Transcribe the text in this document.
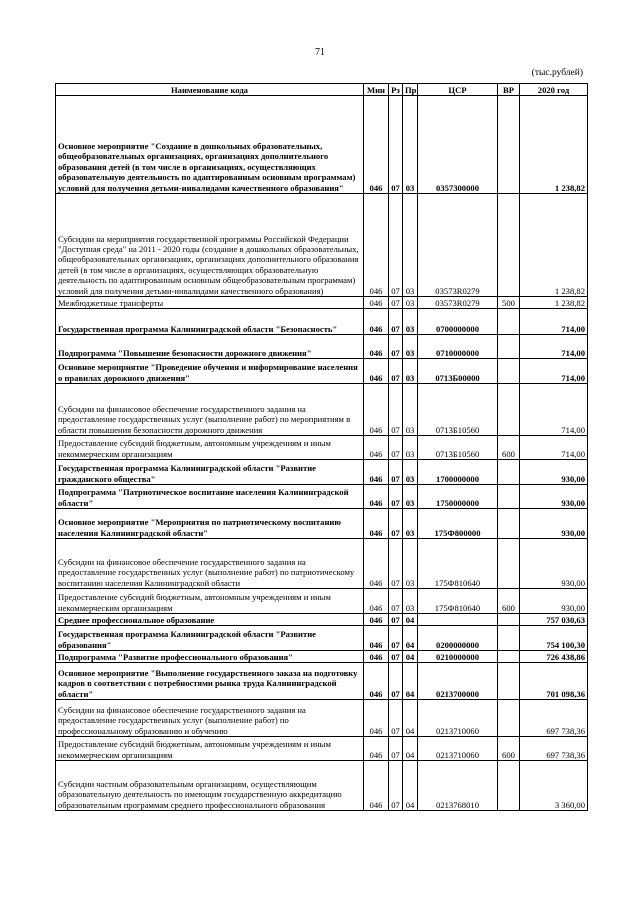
71
(тыс.рублей)
Наименование кода	Мин	Рз	Пр	ЦСР	ВР	2020 год
Основное мероприятие "Создание в дошкольных образовательных, общеобразовательных организациях, организациях дополнительного образования детей (в том числе в организациях, осуществляющих образовательную деятельность по адаптированным основным программам) условий для получения детьми-инвалидами качественного образования"	046	07	03	0357300000		1 238,82
Субсидии на мероприятия государственной программы Российской Федерации "Доступная среда" на 2011 - 2020 годы (создание в дошкольных образовательных, общеобразовательных организациях, организациях дополнительного образования детей (в том числе в организациях, осуществляющих образовательную деятельность по адаптированным основным общеобразовательным программам) условий для получения детьми-инвалидами качественного образования)	046	07	03	03573R0279		1 238,82
Межбюджетные трансферты	046	07	03	03573R0279	500	1 238,82
Государственная программа Калининградской области "Безопасность"	046	07	03	0700000000		714,00
Подпрограмма "Повышение безопасности дорожного движения"	046	07	03	0710000000		714,00
Основное мероприятие "Проведение обучения и информирование населения о правилах дорожного движения"	046	07	03	0713Б00000		714,00
Субсидии на финансовое обеспечение государственного задания на предоставление государственных услуг (выполнение работ) по мероприятиям в области повышения безопасности дорожного движения	046	07	03	0713Б10560		714,00
Предоставление субсидий бюджетным, автономным учреждениям и иным некоммерческим организациям	046	07	03	0713Б10560	600	714,00
Государственная программа Калининградской области "Развитие гражданского общества"	046	07	03	1700000000		930,00
Подпрограмма "Патриотическое воспитание населения Калининградской области"	046	07	03	1750000000		930,00
Основное мероприятие "Мероприятия по патриотическому воспитанию населения Калининградской области"	046	07	03	175Ф800000		930,00
Субсидии на финансовое обеспечение государственного задания на предоставление государственных услуг (выполнение работ) по патриотическому воспитанию населения Калининградской области	046	07	03	175Ф810640		930,00
Предоставление субсидий бюджетным, автономным учреждениям и иным некоммерческим организациям	046	07	03	175Ф810640	600	930,00
Среднее профессиональное образование	046	07	04			757 030,63
Государственная программа Калининградской области "Развитие образования"	046	07	04	0200000000		754 100,30
Подпрограмма "Развитие профессионального образования"	046	07	04	0210000000		726 438,86
Основное мероприятие "Выполнение государственного заказа на подготовку кадров в соответствии с потребностями рынка труда Калининградской области"	046	07	04	0213700000		701 098,36
Субсидии на финансовое обеспечение государственного задания на предоставление государственных услуг (выполнение работ) по профессиональному образованию и обучению	046	07	04	0213710060		697 738,36
Предоставление субсидий бюджетным, автономным учреждениям и иным некоммерческим организациям	046	07	04	0213710060	600	697 738,36
Субсидии частным образовательным организациям, осуществляющим образовательную деятельность по имеющим государственную аккредитацию образовательным программам среднего профессионального образования	046	07	04	0213768010		3 360,00
